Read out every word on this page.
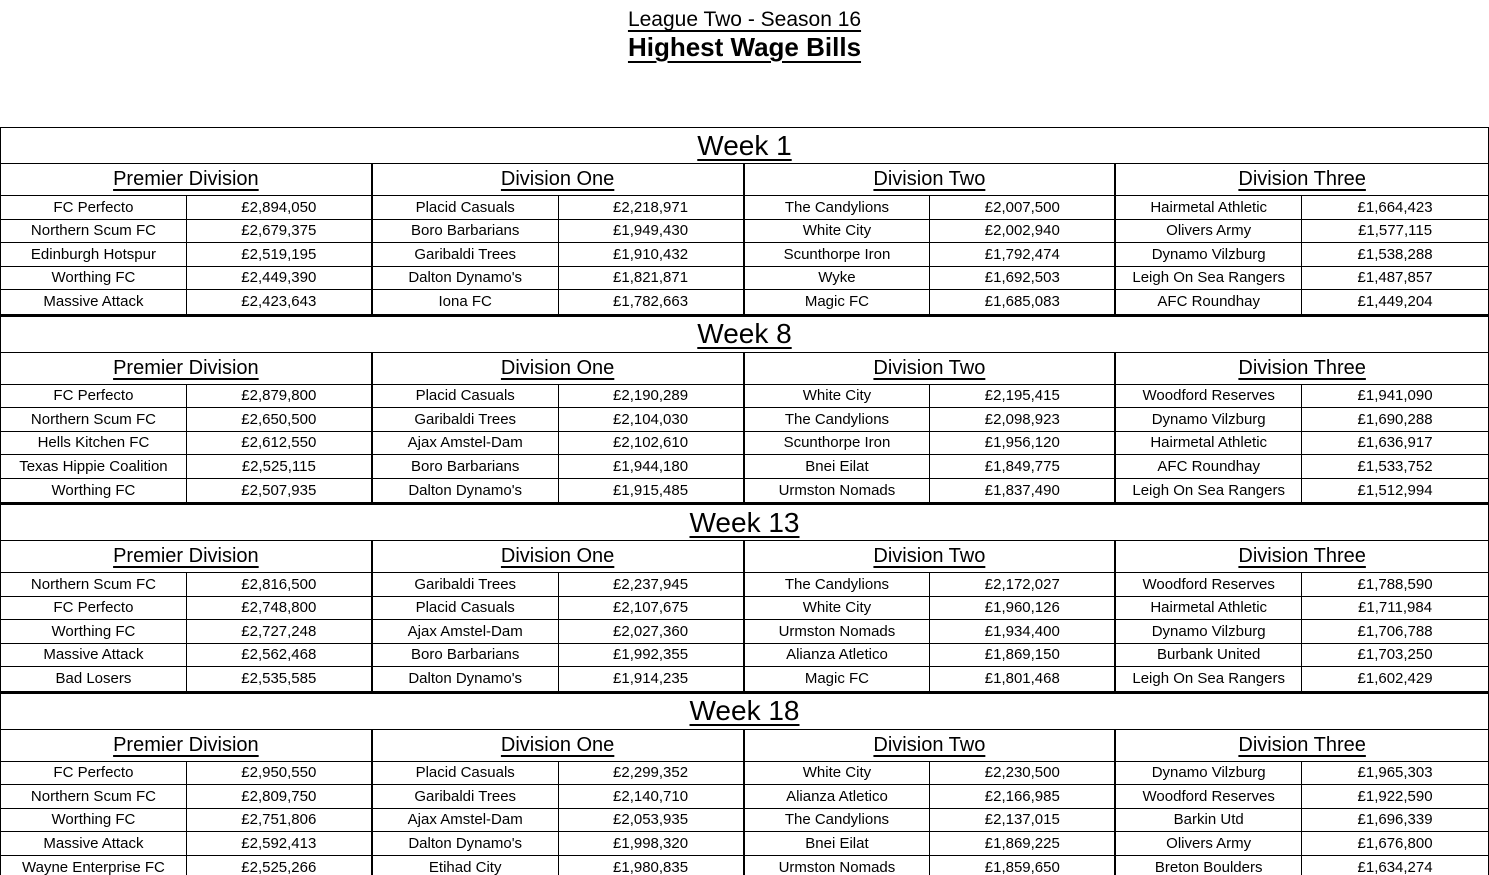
League Two - Season 16
Highest Wage Bills
Week 1
Premier Division	Division One	Division Two	Division Three
FC Perfecto	£2,894,050	Placid Casuals	£2,218,971	The Candylions	£2,007,500	Hairmetal Athletic	£1,664,423
Northern Scum FC	£2,679,375	Boro Barbarians	£1,949,430	White City	£2,002,940	Olivers Army	£1,577,115
Edinburgh Hotspur	£2,519,195	Garibaldi Trees	£1,910,432	Scunthorpe Iron	£1,792,474	Dynamo Vilzburg	£1,538,288
Worthing FC	£2,449,390	Dalton Dynamo's	£1,821,871	Wyke	£1,692,503	Leigh On Sea Rangers	£1,487,857
Massive Attack	£2,423,643	Iona FC	£1,782,663	Magic FC	£1,685,083	AFC Roundhay	£1,449,204
Week 8
Premier Division	Division One	Division Two	Division Three
FC Perfecto	£2,879,800	Placid Casuals	£2,190,289	White City	£2,195,415	Woodford Reserves	£1,941,090
Northern Scum FC	£2,650,500	Garibaldi Trees	£2,104,030	The Candylions	£2,098,923	Dynamo Vilzburg	£1,690,288
Hells Kitchen FC	£2,612,550	Ajax Amstel-Dam	£2,102,610	Scunthorpe Iron	£1,956,120	Hairmetal Athletic	£1,636,917
Texas Hippie Coalition	£2,525,115	Boro Barbarians	£1,944,180	Bnei Eilat	£1,849,775	AFC Roundhay	£1,533,752
Worthing FC	£2,507,935	Dalton Dynamo's	£1,915,485	Urmston Nomads	£1,837,490	Leigh On Sea Rangers	£1,512,994
Week 13
Premier Division	Division One	Division Two	Division Three
Northern Scum FC	£2,816,500	Garibaldi Trees	£2,237,945	The Candylions	£2,172,027	Woodford Reserves	£1,788,590
FC Perfecto	£2,748,800	Placid Casuals	£2,107,675	White City	£1,960,126	Hairmetal Athletic	£1,711,984
Worthing FC	£2,727,248	Ajax Amstel-Dam	£2,027,360	Urmston Nomads	£1,934,400	Dynamo Vilzburg	£1,706,788
Massive Attack	£2,562,468	Boro Barbarians	£1,992,355	Alianza Atletico	£1,869,150	Burbank United	£1,703,250
Bad Losers	£2,535,585	Dalton Dynamo's	£1,914,235	Magic FC	£1,801,468	Leigh On Sea Rangers	£1,602,429
Week 18
Premier Division	Division One	Division Two	Division Three
FC Perfecto	£2,950,550	Placid Casuals	£2,299,352	White City	£2,230,500	Dynamo Vilzburg	£1,965,303
Northern Scum FC	£2,809,750	Garibaldi Trees	£2,140,710	Alianza Atletico	£2,166,985	Woodford Reserves	£1,922,590
Worthing FC	£2,751,806	Ajax Amstel-Dam	£2,053,935	The Candylions	£2,137,015	Barkin Utd	£1,696,339
Massive Attack	£2,592,413	Dalton Dynamo's	£1,998,320	Bnei Eilat	£1,869,225	Olivers Army	£1,676,800
Wayne Enterprise FC	£2,525,266	Etihad City	£1,980,835	Urmston Nomads	£1,859,650	Breton Boulders	£1,634,274
